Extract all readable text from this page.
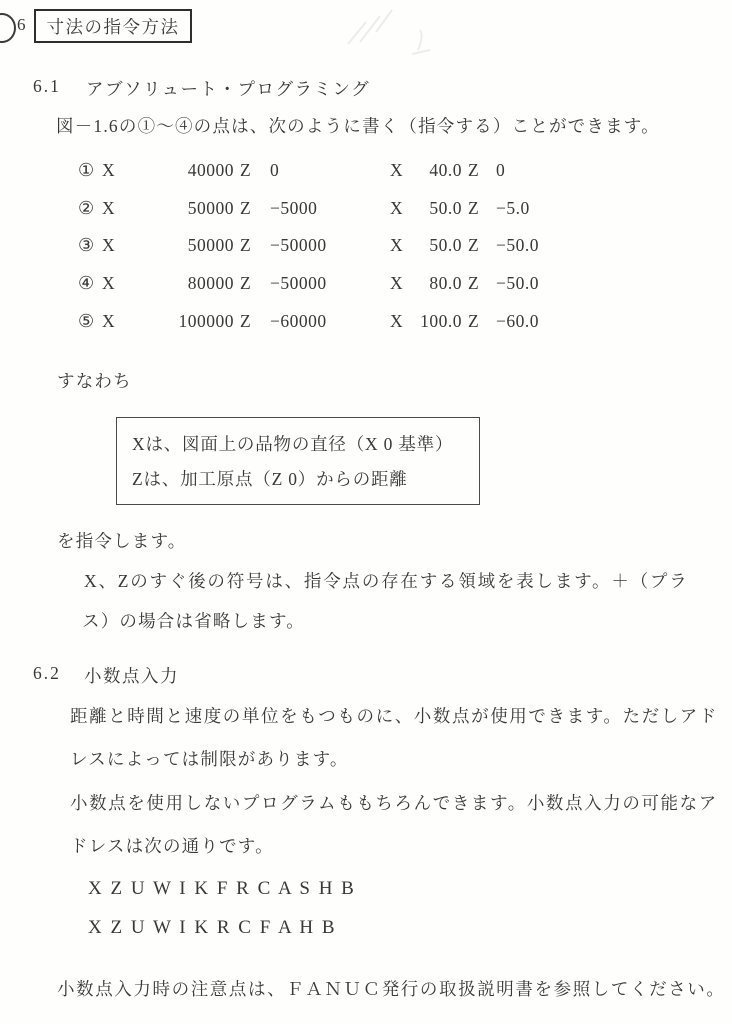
6 寸法の指令方法
6.1 アブソリュート・プログラミング
図－1.6の①～④の点は、次のように書く（指令する）ことができます。
① X	40000 Z	0	X	40.0 Z 0
② X	50000 Z	−5000	X	50.0 Z −5.0
③ X	50000 Z	−50000	X	50.0 Z −50.0
④ X	80000 Z	−50000	X	80.0 Z −50.0
⑤ X	100000 Z	−60000	X 100.0 Z −60.0
すなわち
Xは、図面上の品物の直径（X 0 基準）
Zは、加工原点（Z 0）からの距離
を指令します。
X、Zのすぐ後の符号は、指令点の存在する領域を表します。＋（プラ
ス）の場合は省略します。
6.2 小数点入力
距離と時間と速度の単位をもつものに、小数点が使用できます。ただしアド
レスによっては制限があります。
小数点を使用しないプログラムももちろんできます。小数点入力の可能なア
ドレスは次の通りです。
X Z U W I K F R C A S H B
X Z U W I K R C F A H B
小数点入力時の注意点は、ＦＡＮＵＣ発行の取扱説明書を参照してください。
